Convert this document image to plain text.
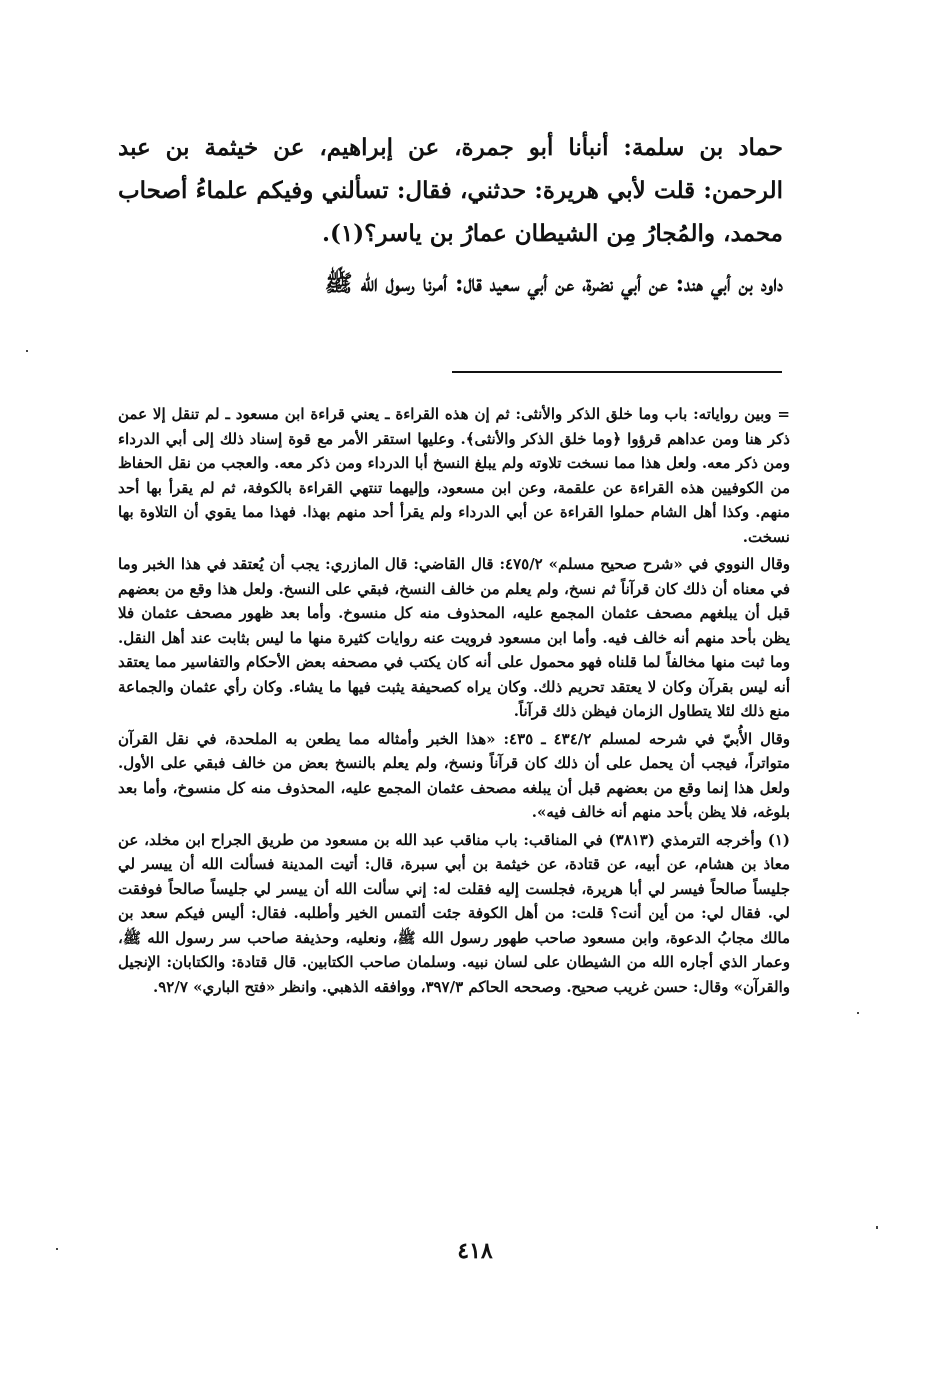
حماد بن سلمة: أنبأنا أبو جمرة، عن إبراهيم، عن خيثمة بن عبد الرحمن: قلت لأبي هريرة: حدثني، فقال: تسألني وفيكم علماءُ أصحاب محمد، والمُجارُ مِن الشيطان عمارُ بن ياسر؟(١).

داود بن أبي هند: عن أبي نضرة، عن أبي سعيد قال: أمرنا رسول الله ﷺ

= وبين رواياته: باب وما خلق الذكر والأنثى: ثم إن هذه القراءة ـ يعني قراءة ابن مسعود ـ لم تنقل إلا عمن ذكر هنا ومن عداهم قرؤوا ﴿وما خلق الذكر والأنثى﴾. وعليها استقر الأمر مع قوة إسناد ذلك إلى أبي الدرداء ومن ذكر معه. ولعل هذا مما نسخت تلاوته ولم يبلغ النسخ أبا الدرداء ومن ذكر معه. والعجب من نقل الحفاظ من الكوفيين هذه القراءة عن علقمة، وعن ابن مسعود، وإليهما تنتهي القراءة بالكوفة، ثم لم يقرأ بها أحد منهم. وكذا أهل الشام حملوا القراءة عن أبي الدرداء ولم يقرأ أحد منهم بهذا. فهذا مما يقوي أن التلاوة بها نسخت.

وقال النووي في «شرح صحيح مسلم» ٤٧٥/٢: قال القاضي: قال المازري: يجب أن يُعتقد في هذا الخبر وما في معناه أن ذلك كان قرآناً ثم نسخ، ولم يعلم من خالف النسخ، فبقي على النسخ. ولعل هذا وقع من بعضهم قبل أن يبلغهم مصحف عثمان المجمع عليه، المحذوف منه كل منسوخ. وأما بعد ظهور مصحف عثمان فلا يظن بأحد منهم أنه خالف فيه. وأما ابن مسعود فرويت عنه روايات كثيرة منها ما ليس بثابت عند أهل النقل. وما ثبت منها مخالفاً لما قلناه فهو محمول على أنه كان يكتب في مصحفه بعض الأحكام والتفاسير مما يعتقد أنه ليس بقرآن وكان لا يعتقد تحريم ذلك. وكان يراه كصحيفة يثبت فيها ما يشاء. وكان رأي عثمان والجماعة منع ذلك لئلا يتطاول الزمان فيظن ذلك قرآناً.

وقال الأُبيّ في شرحه لمسلم ٤٣٤/٢ ـ ٤٣٥: «هذا الخبر وأمثاله مما يطعن به الملحدة، في نقل القرآن متواتراً، فيجب أن يحمل على أن ذلك كان قرآناً ونسخ، ولم يعلم بالنسخ بعض من خالف فبقي على الأول. ولعل هذا إنما وقع من بعضهم قبل أن يبلغه مصحف عثمان المجمع عليه، المحذوف منه كل منسوخ، وأما بعد بلوغه، فلا يظن بأحد منهم أنه خالف فيه».

(١) وأخرجه الترمذي (٣٨١٣) في المناقب: باب مناقب عبد الله بن مسعود من طريق الجراح ابن مخلد، عن معاذ بن هشام، عن أبيه، عن قتادة، عن خيثمة بن أبي سبرة، قال: أتيت المدينة فسألت الله أن ييسر لي جليساً صالحاً فيسر لي أبا هريرة، فجلست إليه فقلت له: إني سألت الله أن ييسر لي جليساً صالحاً فوفقت لي. فقال لي: من أين أنت؟ قلت: من أهل الكوفة جئت ألتمس الخير وأطلبه. فقال: أليس فيكم سعد بن مالك مجابُ الدعوة، وابن مسعود صاحب طهور رسول الله ﷺ، ونعليه، وحذيفة صاحب سر رسول الله ﷺ، وعمار الذي أجاره الله من الشيطان على لسان نبيه. وسلمان صاحب الكتابين. قال قتادة: والكتابان: الإنجيل والقرآن» وقال: حسن غريب صحيح. وصححه الحاكم ٣٩٧/٣، ووافقه الذهبي. وانظر «فتح الباري» ٩٢/٧.

٤١٨
